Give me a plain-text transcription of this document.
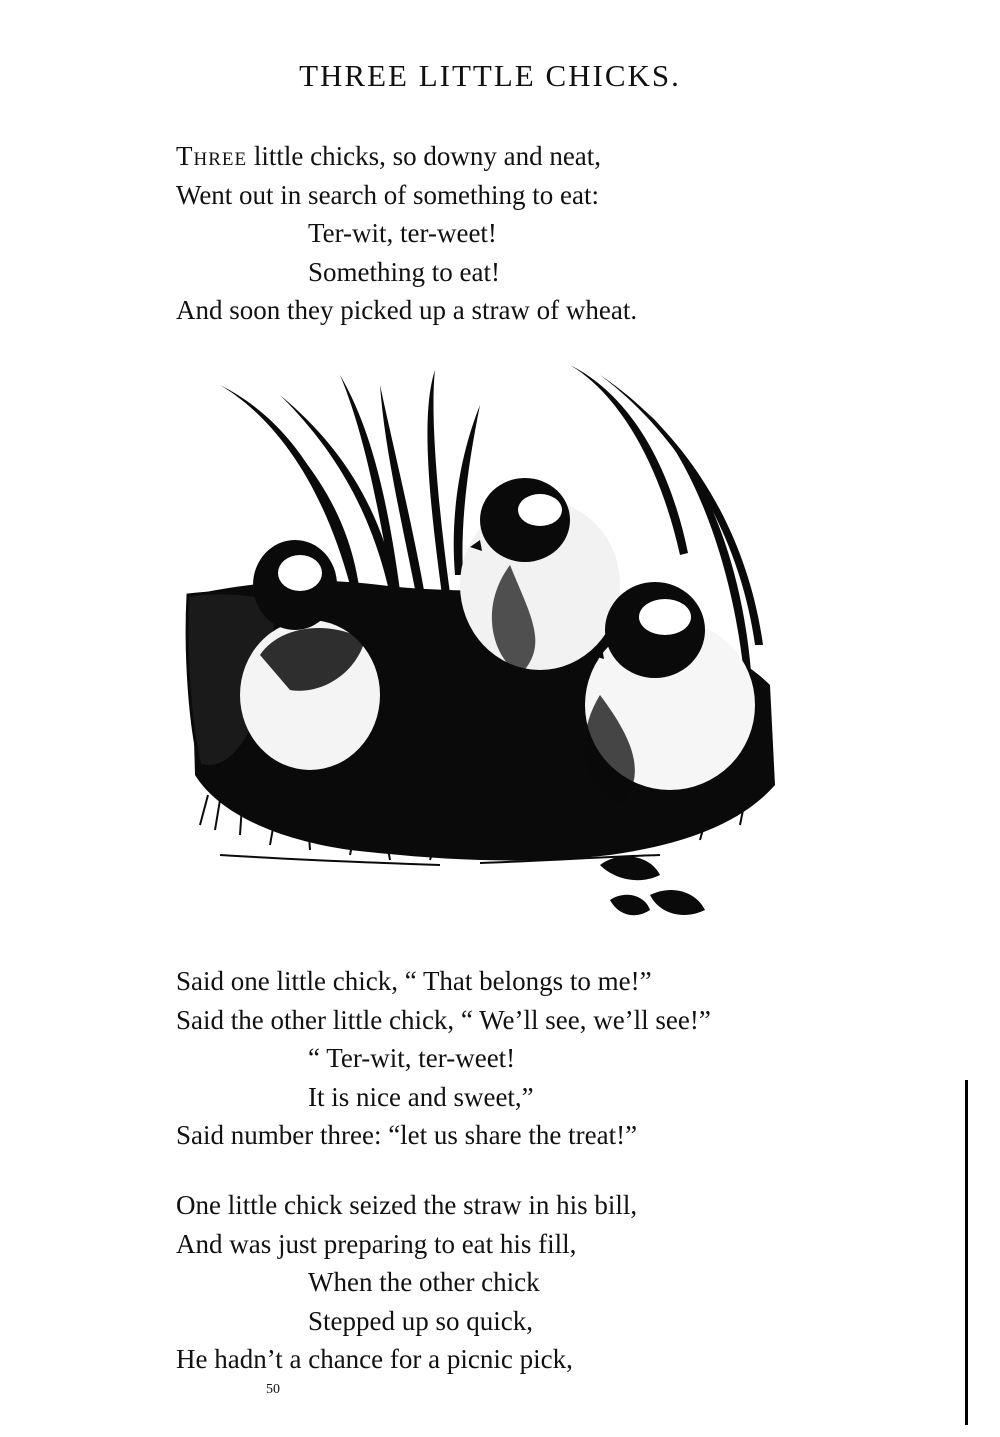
THREE LITTLE CHICKS.
Three little chicks, so downy and neat,
Went out in search of something to eat:
Ter-wit, ter-weet!
Something to eat!
And soon they picked up a straw of wheat.
Said one little chick, “ That belongs to me!”
Said the other little chick, “ We’ll see, we’ll see!”
“ Ter-wit, ter-weet!
It is nice and sweet,”
Said number three: “let us share the treat!”
One little chick seized the straw in his bill,
And was just preparing to eat his fill,
When the other chick
Stepped up so quick,
He hadn’t a chance for a picnic pick,
50
